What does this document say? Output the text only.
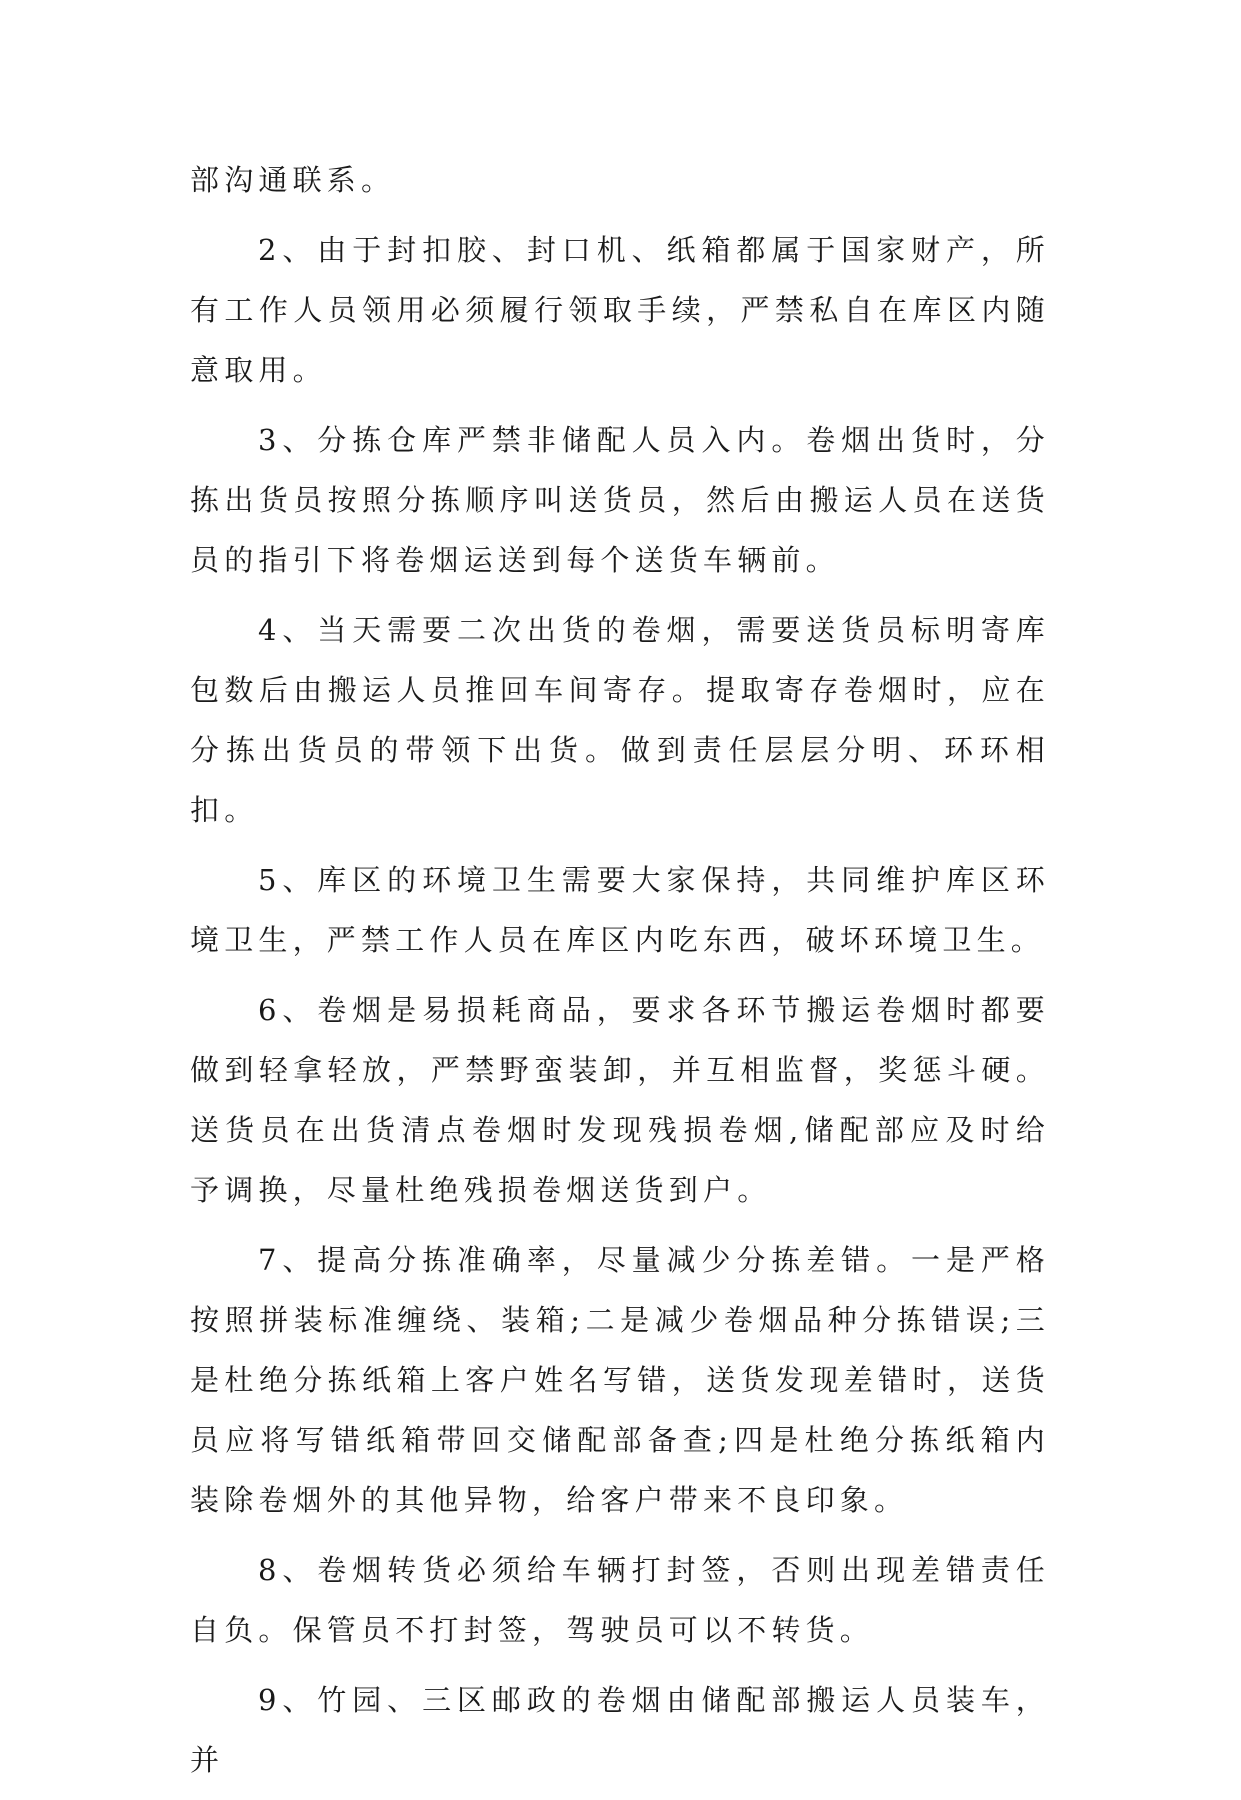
部沟通联系。

2、由于封扣胶、封口机、纸箱都属于国家财产，所有工作人员领用必须履行领取手续，严禁私自在库区内随意取用。

3、分拣仓库严禁非储配人员入内。卷烟出货时，分拣出货员按照分拣顺序叫送货员，然后由搬运人员在送货员的指引下将卷烟运送到每个送货车辆前。

4、当天需要二次出货的卷烟，需要送货员标明寄库包数后由搬运人员推回车间寄存。提取寄存卷烟时，应在分拣出货员的带领下出货。做到责任层层分明、环环相扣。

5、库区的环境卫生需要大家保持，共同维护库区环境卫生，严禁工作人员在库区内吃东西，破坏环境卫生。

6、卷烟是易损耗商品，要求各环节搬运卷烟时都要做到轻拿轻放，严禁野蛮装卸，并互相监督，奖惩斗硬。送货员在出货清点卷烟时发现残损卷烟,储配部应及时给予调换，尽量杜绝残损卷烟送货到户。

7、提高分拣准确率，尽量减少分拣差错。一是严格按照拼装标准缠绕、装箱;二是减少卷烟品种分拣错误;三是杜绝分拣纸箱上客户姓名写错，送货发现差错时，送货员应将写错纸箱带回交储配部备查;四是杜绝分拣纸箱内装除卷烟外的其他异物，给客户带来不良印象。

8、卷烟转货必须给车辆打封签，否则出现差错责任自负。保管员不打封签，驾驶员可以不转货。

9、竹园、三区邮政的卷烟由储配部搬运人员装车，并
